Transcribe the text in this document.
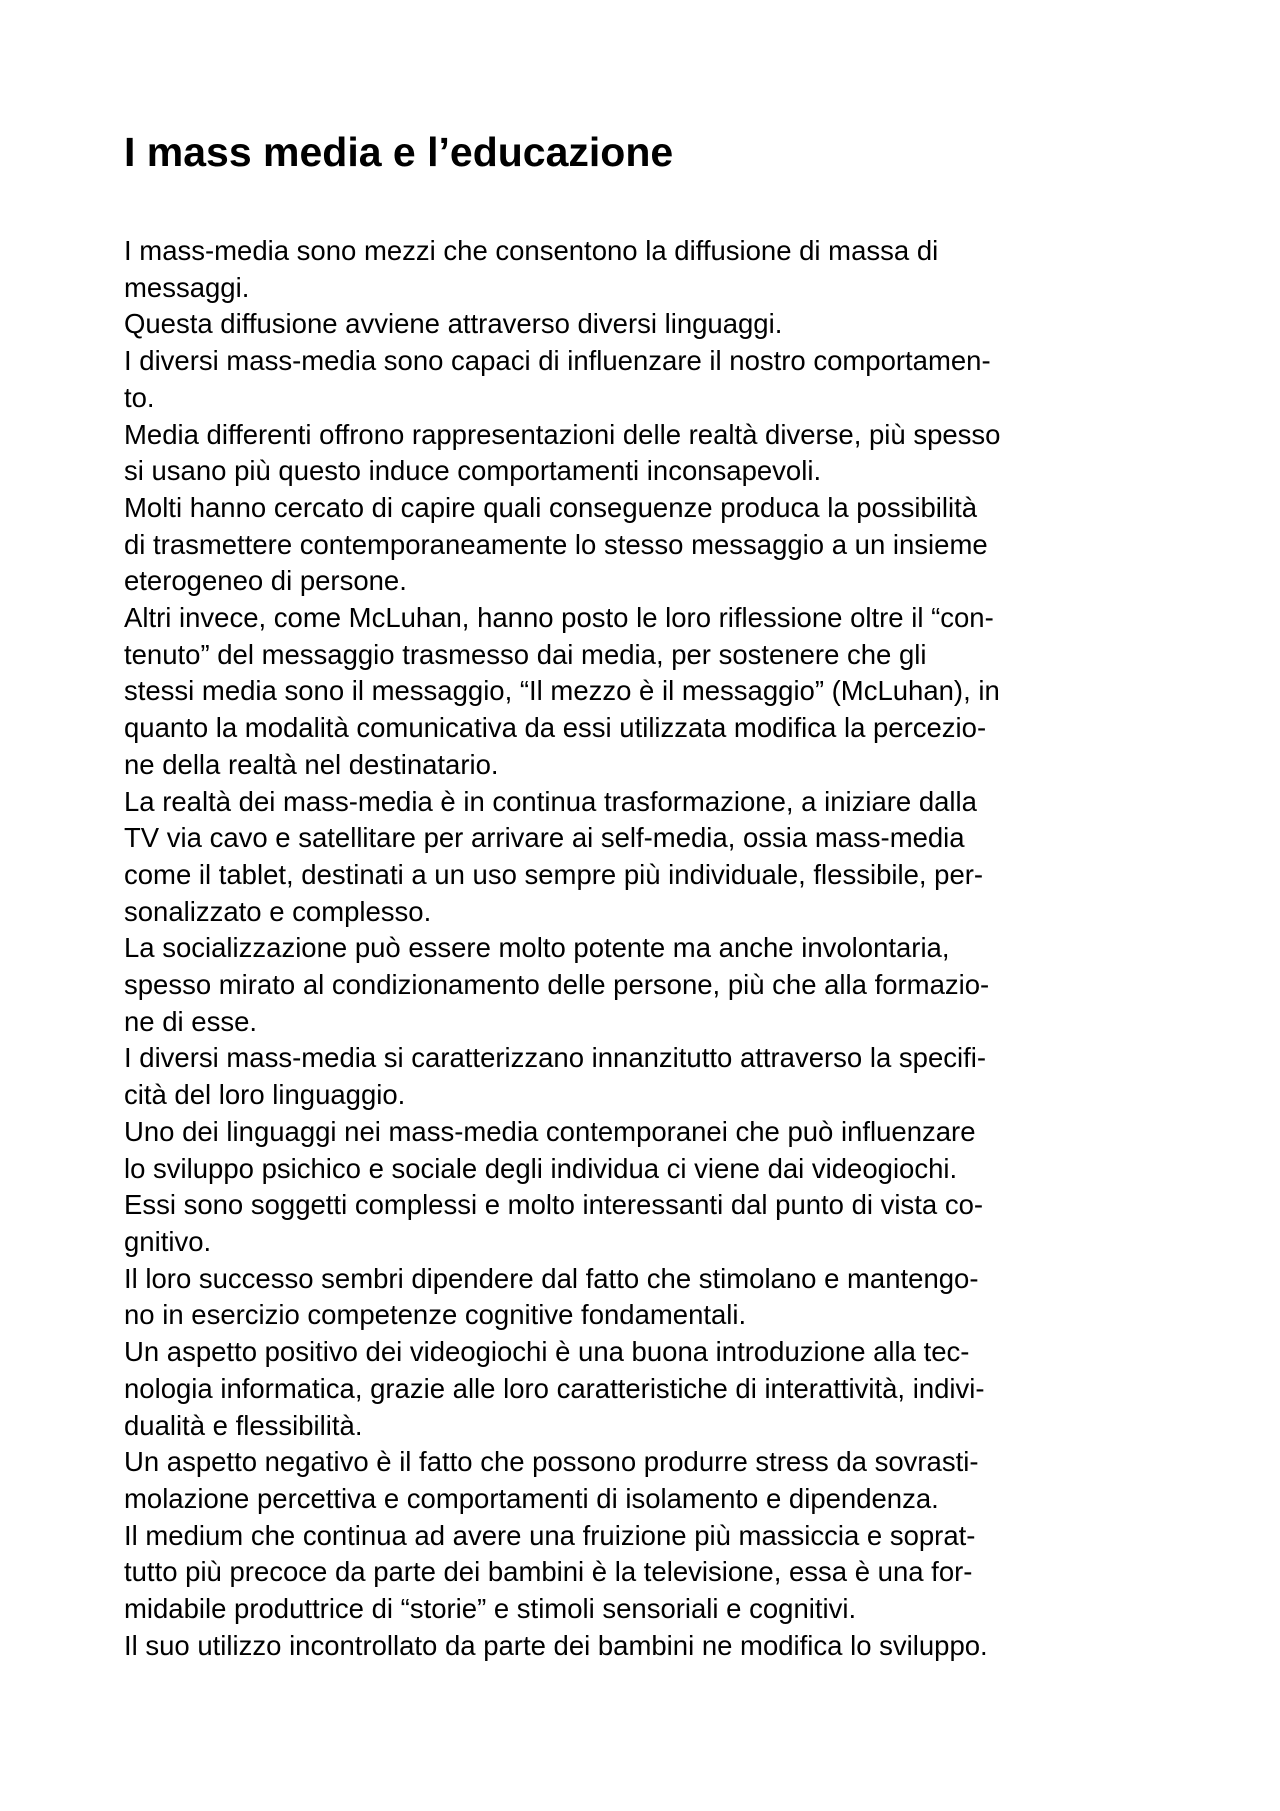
I mass media e l’educazione
I mass-media sono mezzi che consentono la diffusione di massa di
messaggi.
Questa diffusione avviene attraverso diversi linguaggi.
I diversi mass-media sono capaci di influenzare il nostro comportamen-
to.
Media differenti offrono rappresentazioni delle realtà diverse, più spesso
si usano più questo induce comportamenti inconsapevoli.
Molti hanno cercato di capire quali conseguenze produca la possibilità
di trasmettere contemporaneamente lo stesso messaggio a un insieme
eterogeneo di persone.
Altri invece, come McLuhan, hanno posto le loro riflessione oltre il “con-
tenuto” del messaggio trasmesso dai media, per sostenere che gli
stessi media sono il messaggio, “Il mezzo è il messaggio” (McLuhan), in
quanto la modalità comunicativa da essi utilizzata modifica la percezio-
ne della realtà nel destinatario.
La realtà dei mass-media è in continua trasformazione, a iniziare dalla
TV via cavo e satellitare per arrivare ai self-media, ossia mass-media
come il tablet, destinati a un uso sempre più individuale, flessibile, per-
sonalizzato e complesso.
La socializzazione può essere molto potente ma anche involontaria,
spesso mirato al condizionamento delle persone, più che alla formazio-
ne di esse.
I diversi mass-media si caratterizzano innanzitutto attraverso la specifi-
cità del loro linguaggio.
Uno dei linguaggi nei mass-media contemporanei che può influenzare
lo sviluppo psichico e sociale degli individua ci viene dai videogiochi.
Essi sono soggetti complessi e molto interessanti dal punto di vista co-
gnitivo.
Il loro successo sembri dipendere dal fatto che stimolano e mantengo-
no in esercizio competenze cognitive fondamentali.
Un aspetto positivo dei videogiochi è una buona introduzione alla tec-
nologia informatica, grazie alle loro caratteristiche di interattività, indivi-
dualità e flessibilità.
Un aspetto negativo è il fatto che possono produrre stress da sovrasti-
molazione percettiva e comportamenti di isolamento e dipendenza.
Il medium che continua ad avere una fruizione più massiccia e soprat-
tutto più precoce da parte dei bambini è la televisione, essa è una for-
midabile produttrice di “storie” e stimoli sensoriali e cognitivi.
Il suo utilizzo incontrollato da parte dei bambini ne modifica lo sviluppo.
